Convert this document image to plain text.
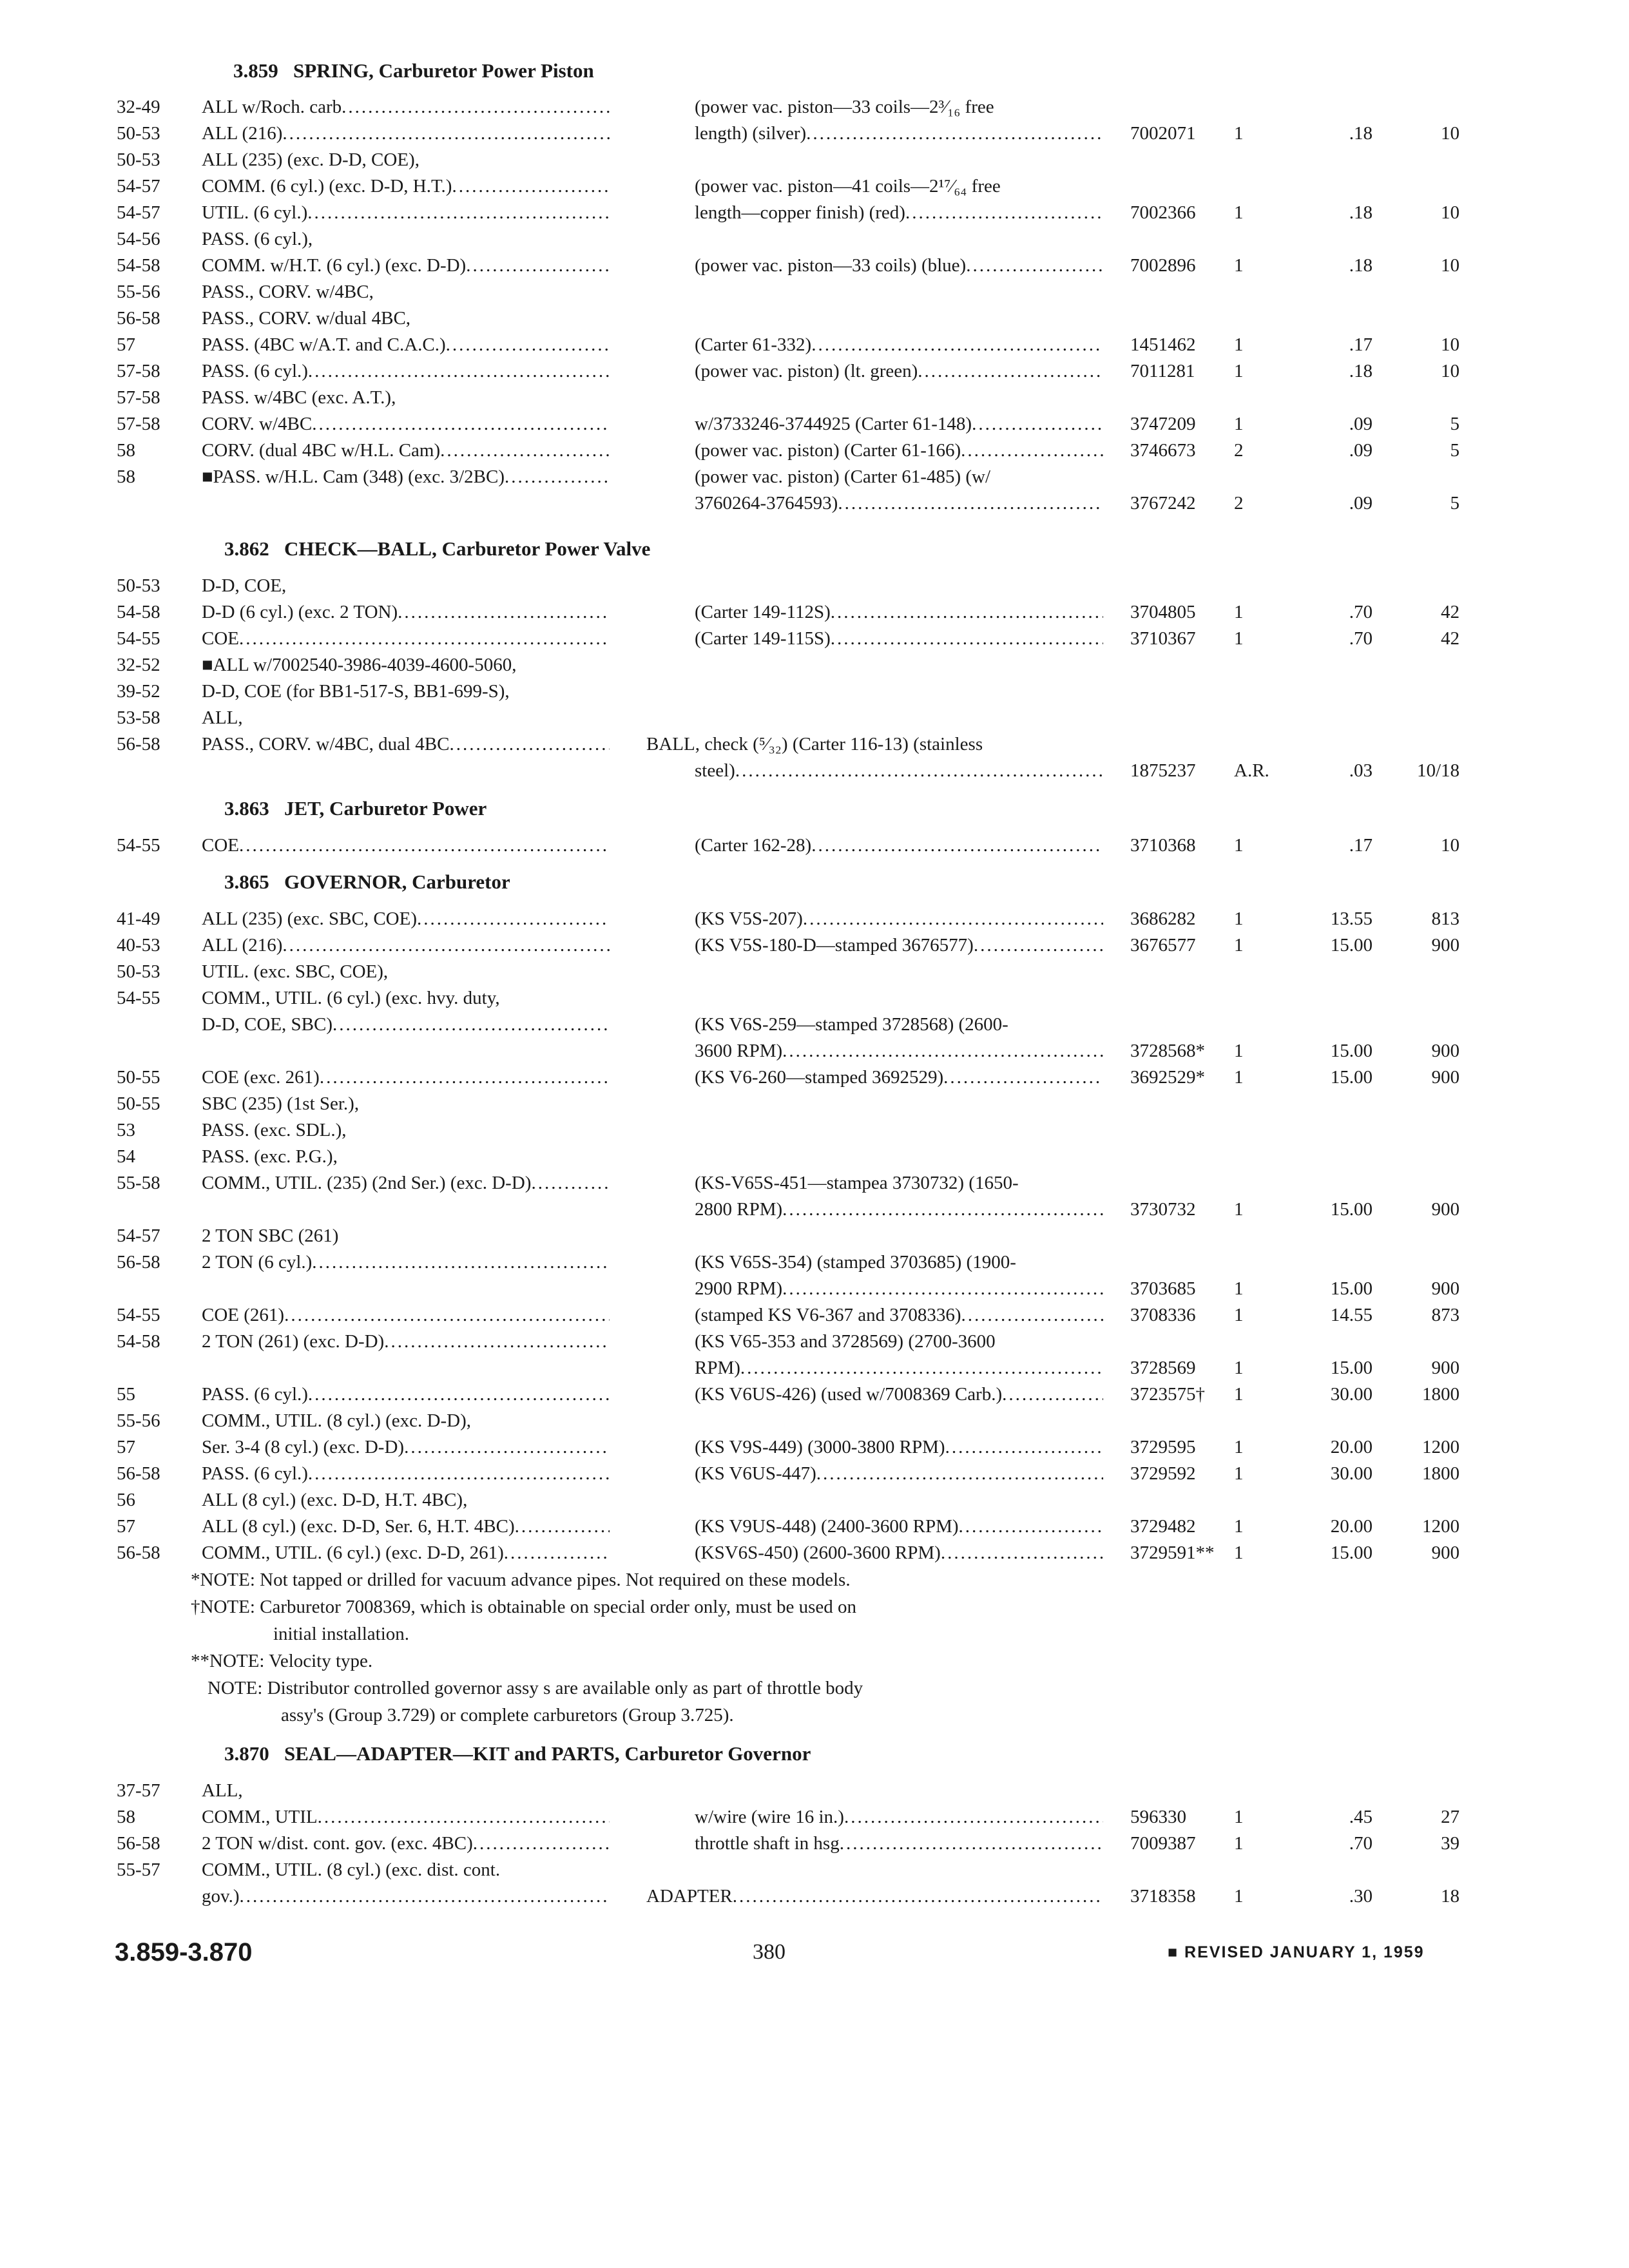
3.859 SPRING, Carburetor Power Piston
32-49 ALL w/Roch. carb .....	(power vac. piston—33 coils—2³⁄₁₆ free
50-53 ALL (216) .....	length) (silver) .....	7002071 1	.18	10
50-53 ALL (235) (exc. D-D, COE),
54-57 COMM. (6 cyl.) (exc. D-D, H.T.) .....	(power vac. piston—41 coils—2¹⁷⁄₆₄ free
54-57 UTIL. (6 cyl.) .....	length—copper finish) (red) .....	7002366 1	.18	10
54-56 PASS. (6 cyl.),
54-58 COMM. w/H.T. (6 cyl.) (exc. D-D) .....	(power vac. piston—33 coils) (blue) .....	7002896 1	.18	10
55-56 PASS., CORV. w/4BC,
56-58 PASS., CORV. w/dual 4BC,
57	PASS. (4BC w/A.T. and C.A.C.) .....	(Carter 61-332) .....	1451462 1	.17	10
57-58 PASS. (6 cyl.) .....	(power vac. piston) (lt. green) .....	7011281 1	.18	10
57-58 PASS. w/4BC (exc. A.T.),
57-58 CORV. w/4BC .....	w/3733246-3744925 (Carter 61-148) .....	3747209 1	.09	5
58	CORV. (dual 4BC w/H.L. Cam) .....	(power vac. piston) (Carter 61-166) .....	3746673 2	.09	5
58	■PASS. w/H.L. Cam (348) (exc. 3/2BC) .....	(power vac. piston) (Carter 61-485) (w/
3760264-3764593) .....	3767242 2	.09	5
3.862 CHECK—BALL, Carburetor Power Valve
50-53 D-D, COE,
54-58 D-D (6 cyl.) (exc. 2 TON) .....	(Carter 149-112S) .....	3704805 1	.70	42
54-55 COE .....	(Carter 149-115S) .....	3710367 1	.70	42
32-52 ■ALL w/7002540-3986-4039-4600-5060,
39-52 D-D, COE (for BB1-517-S, BB1-699-S),
53-58 ALL,
56-58 PASS., CORV. w/4BC, dual 4BC .....	BALL, check (⁵⁄₃₂) (Carter 116-13) (stainless
steel) .....	1875237 A.R.	.03	10/18
3.863 JET, Carburetor Power
54-55 COE .....	(Carter 162-28) .....	3710368 1	.17	10
3.865 GOVERNOR, Carburetor
41-49 ALL (235) (exc. SBC, COE) .....	(KS V5S-207) .....	3686282 1	13.55	813
40-53 ALL (216) .....	(KS V5S-180-D—stamped 3676577) .....	3676577 1	15.00	900
50-53 UTIL. (exc. SBC, COE),
54-55 COMM., UTIL. (6 cyl.) (exc. hvy. duty,
D-D, COE, SBC) .....	(KS V6S-259—stamped 3728568) (2600-
3600 RPM) .....	3728568* 1	15.00	900
50-55 COE (exc. 261) .....	(KS V6-260—stamped 3692529) .....	3692529* 1	15.00	900
50-55 SBC (235) (1st Ser.),
53	PASS. (exc. SDL.),
54	PASS. (exc. P.G.),
55-58 COMM., UTIL. (235) (2nd Ser.) (exc. D-D) .....	(KS-V65S-451—stampea 3730732) (1650-
2800 RPM) .....	3730732 1	15.00	900
54-57 2 TON SBC (261)
56-58 2 TON (6 cyl.) .....	(KS V65S-354) (stamped 3703685) (1900-
2900 RPM) .....	3703685 1	15.00	900
54-55 COE (261) .....	(stamped KS V6-367 and 3708336) .....	3708336 1	14.55	873
54-58 2 TON (261) (exc. D-D) .....	(KS V65-353 and 3728569) (2700-3600
RPM) .....	3728569 1	15.00	900
55	PASS. (6 cyl.) .....	(KS V6US-426) (used w/7008369 Carb.) .....	3723575† 1	30.00	1800
55-56 COMM., UTIL. (8 cyl.) (exc. D-D),
57	Ser. 3-4 (8 cyl.) (exc. D-D) .....	(KS V9S-449) (3000-3800 RPM) .....	3729595 1	20.00	1200
56-58 PASS. (6 cyl.) .....	(KS V6US-447) .....	3729592 1	30.00	1800
56	ALL (8 cyl.) (exc. D-D, H.T. 4BC),
57	ALL (8 cyl.) (exc. D-D, Ser. 6, H.T. 4BC) .....	(KS V9US-448) (2400-3600 RPM) .....	3729482 1	20.00	1200
56-58 COMM., UTIL. (6 cyl.) (exc. D-D, 261) .....	(KSV6S-450) (2600-3600 RPM) .....	3729591** 1	15.00	900
*NOTE: Not tapped or drilled for vacuum advance pipes. Not required on these models.
†NOTE: Carburetor 7008369, which is obtainable on special order only, must be used on
initial installation.
**NOTE: Velocity type.
NOTE: Distributor controlled governor assy s are available only as part of throttle body
assy's (Group 3.729) or complete carburetors (Group 3.725).
3.870 SEAL—ADAPTER—KIT and PARTS, Carburetor Governor
37-57 ALL,
58	COMM., UTIL .....	w/wire (wire 16 in.) .....	596330	1	.45	27
56-58 2 TON w/dist. cont. gov. (exc. 4BC) .....	throttle shaft in hsg .....	7009387 1	.70	39
55-57 COMM., UTIL. (8 cyl.) (exc. dist. cont.
gov.) .....	ADAPTER .....	3718358 1	.30	18
3.859-3.870	380	■ REVISED JANUARY 1, 1959
